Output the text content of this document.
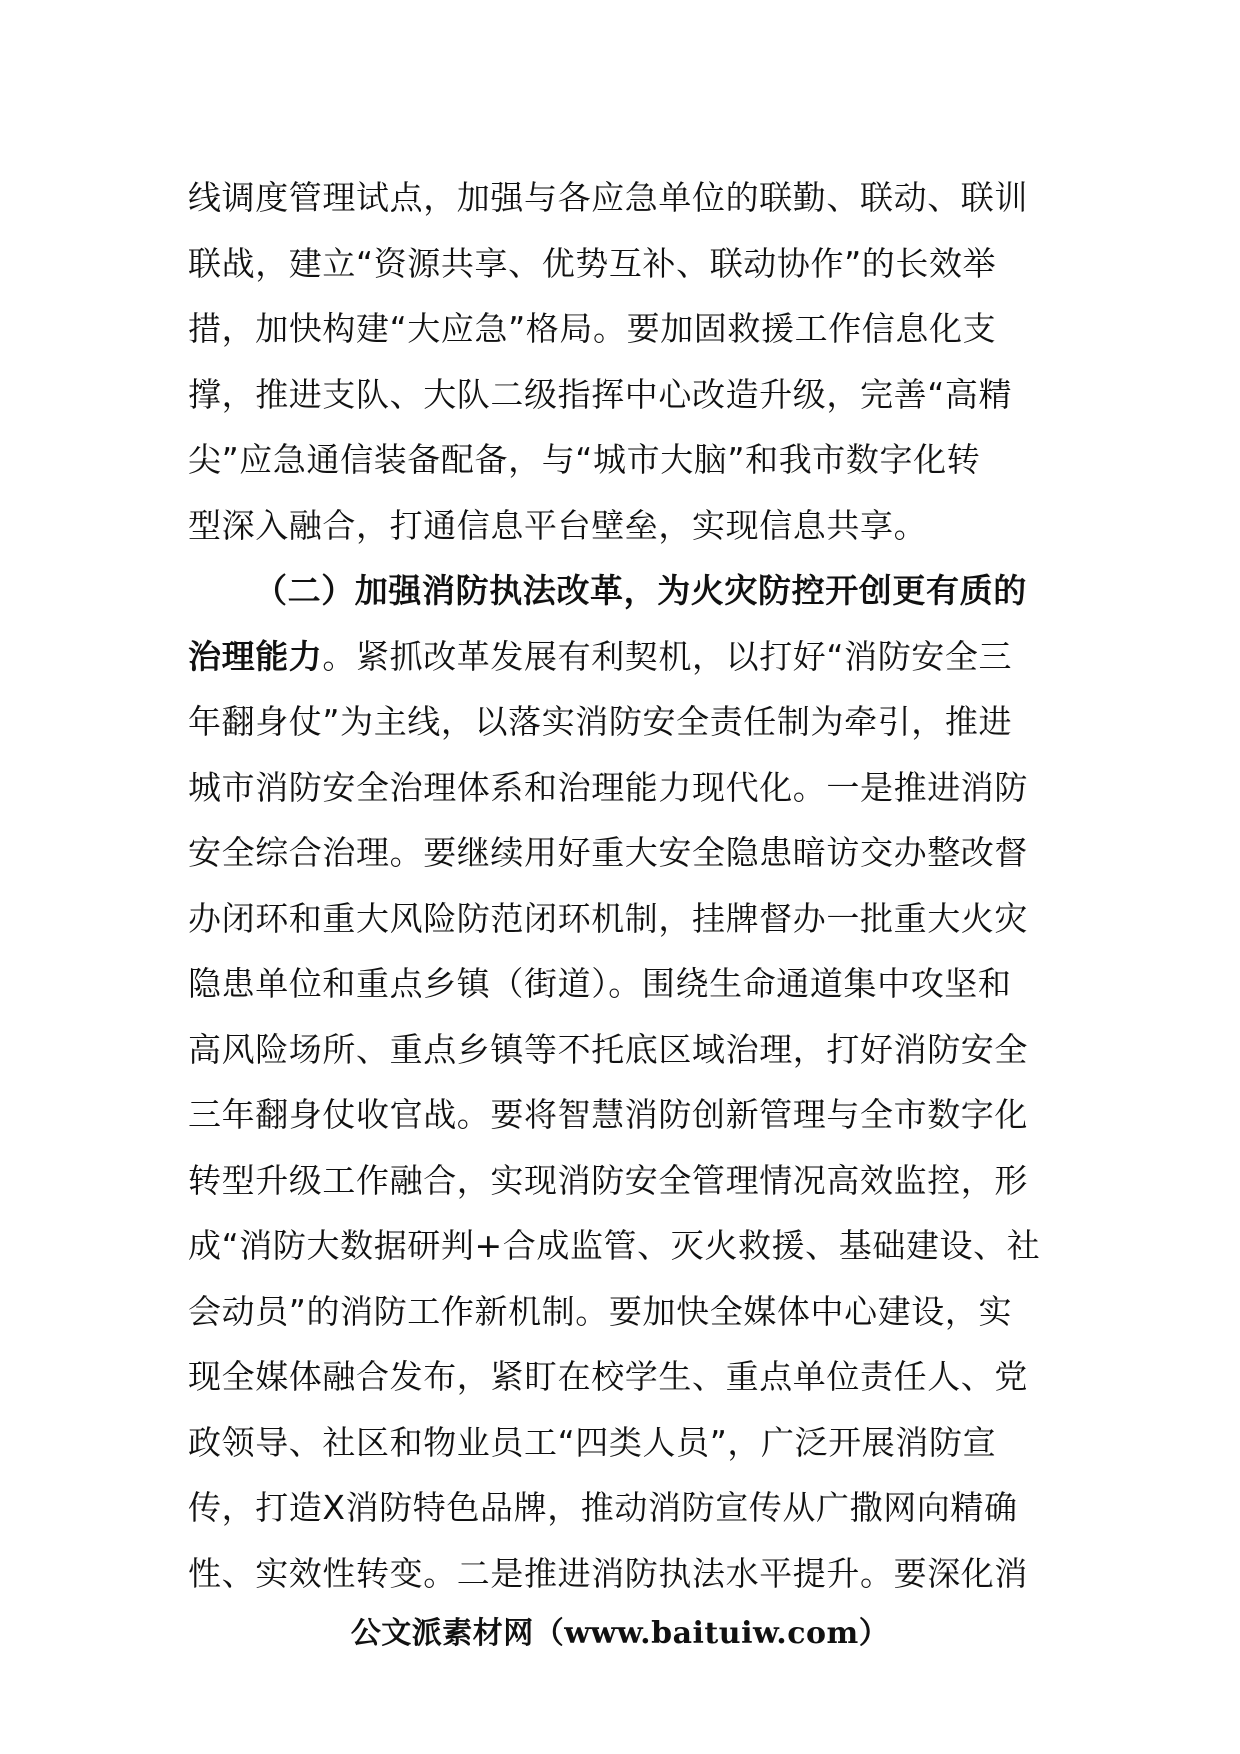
线调度管理试点，加强与各应急单位的联勤、联动、联训
联战，建立“资源共享、优势互补、联动协作”的长效举
措，加快构建“大应急”格局。要加固救援工作信息化支
撑，推进支队、大队二级指挥中心改造升级，完善“高精
尖”应急通信装备配备，与“城市大脑”和我市数字化转
型深入融合，打通信息平台壁垒，实现信息共享。
（二）加强消防执法改革，为火灾防控开创更有质的
治理能力。紧抓改革发展有利契机，以打好“消防安全三
年翻身仗”为主线，以落实消防安全责任制为牵引，推进
城市消防安全治理体系和治理能力现代化。一是推进消防
安全综合治理。要继续用好重大安全隐患暗访交办整改督
办闭环和重大风险防范闭环机制，挂牌督办一批重大火灾
隐患单位和重点乡镇（街道）。围绕生命通道集中攻坚和
高风险场所、重点乡镇等不托底区域治理，打好消防安全
三年翻身仗收官战。要将智慧消防创新管理与全市数字化
转型升级工作融合，实现消防安全管理情况高效监控，形
成“消防大数据研判+合成监管、灭火救援、基础建设、社
会动员”的消防工作新机制。要加快全媒体中心建设，实
现全媒体融合发布，紧盯在校学生、重点单位责任人、党
政领导、社区和物业员工“四类人员”，广泛开展消防宣
传，打造Ⅹ消防特色品牌，推动消防宣传从广撒网向精确
性、实效性转变。二是推进消防执法水平提升。要深化消
公文派素材网（www.baituiw.com）
